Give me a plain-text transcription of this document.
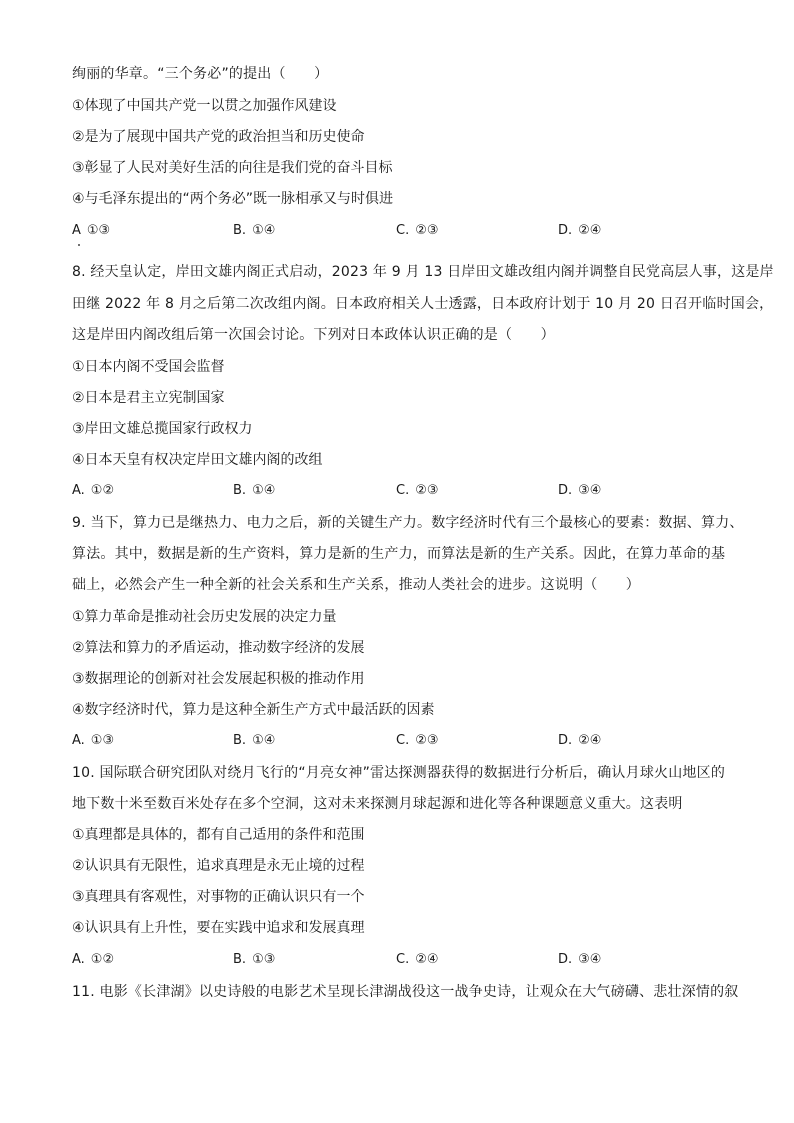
绚丽的华章。“三个务必”的提出（　　）
①体现了中国共产党一以贯之加强作风建设
②是为了展现中国共产党的政治担当和历史使命
③彰显了人民对美好生活的向往是我们党的奋斗目标
④与毛泽东提出的“两个务必”既一脉相承又与时俱进
A ①③	B. ①④	C. ②③	D. ②④
8. 经天皇认定，岸田文雄内阁正式启动，2023 年 9 月 13 日岸田文雄改组内阁并调整自民党高层人事，这是岸
田继 2022 年 8 月之后第二次改组内阁。日本政府相关人士透露，日本政府计划于 10 月 20 日召开临时国会，
这是岸田内阁改组后第一次国会讨论。下列对日本政体认识正确的是（　　）
①日本内阁不受国会监督
②日本是君主立宪制国家
③岸田文雄总揽国家行政权力
④日本天皇有权决定岸田文雄内阁的改组
A. ①②	B. ①④	C. ②③	D. ③④
9. 当下，算力已是继热力、电力之后，新的关键生产力。数字经济时代有三个最核心的要素：数据、算力、
算法。其中，数据是新的生产资料，算力是新的生产力，而算法是新的生产关系。因此，在算力革命的基
础上，必然会产生一种全新的社会关系和生产关系，推动人类社会的进步。这说明（　　）
①算力革命是推动社会历史发展的决定力量
②算法和算力的矛盾运动，推动数字经济的发展
③数据理论的创新对社会发展起积极的推动作用
④数字经济时代，算力是这种全新生产方式中最活跃的因素
A. ①③	B. ①④	C. ②③	D. ②④
10. 国际联合研究团队对绕月飞行的“月亮女神”雷达探测器获得的数据进行分析后，确认月球火山地区的
地下数十米至数百米处存在多个空洞，这对未来探测月球起源和进化等各种课题意义重大。这表明
①真理都是具体的，都有自己适用的条件和范围
②认识具有无限性，追求真理是永无止境的过程
③真理具有客观性，对事物的正确认识只有一个
④认识具有上升性，要在实践中追求和发展真理
A. ①②	B. ①③	C. ②④	D. ③④
11. 电影《长津湖》以史诗般的电影艺术呈现长津湖战役这一战争史诗，让观众在大气磅礴、悲壮深情的叙
